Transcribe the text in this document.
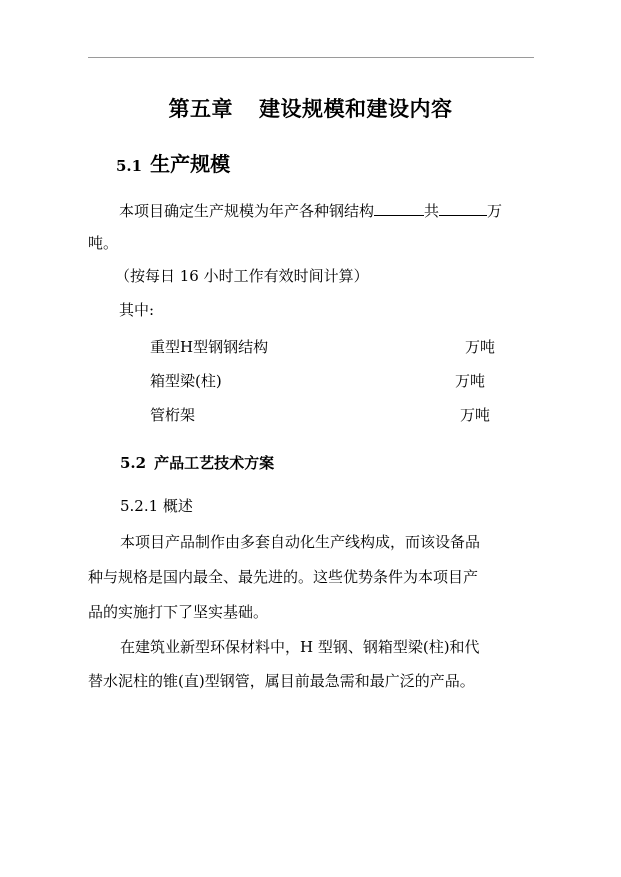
第五章 建设规模和建设内容
5.1 生产规模
本项目确定生产规模为年产各种钢结构	共	万
吨。
（按每日 16 小时工作有效时间计算）
其中:
重型H型钢钢结构	万吨
箱型梁(柱)	万吨
管桁架	万吨
5.2 产品工艺技术方案
5.2.1 概述
本项目产品制作由多套自动化生产线构成，而该设备品
种与规格是国内最全、最先进的。这些优势条件为本项目产
品的实施打下了坚实基础。
在建筑业新型环保材料中，H 型钢、钢箱型梁(柱)和代
替水泥柱的锥(直)型钢管，属目前最急需和最广泛的产品。
